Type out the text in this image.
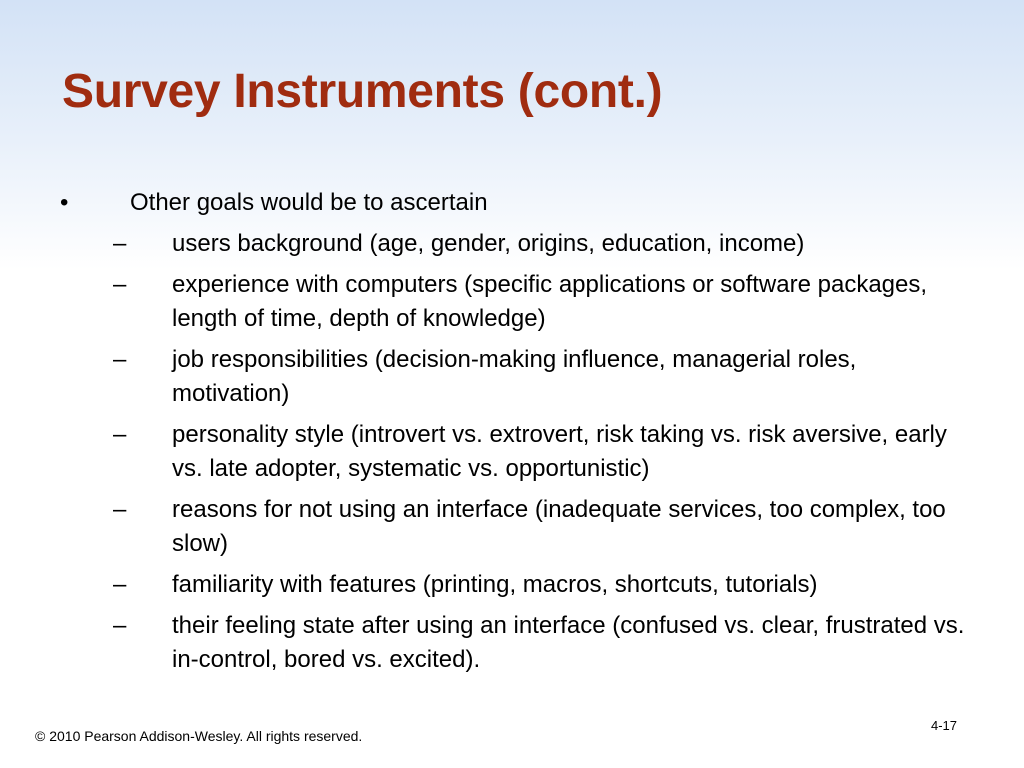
Survey Instruments (cont.)
•	Other goals would be to ascertain
– users background (age, gender, origins, education, income)
– experience with computers (specific applications or software packages, length of time, depth of knowledge)
– job responsibilities (decision-making influence, managerial roles, motivation)
– personality style (introvert vs. extrovert, risk taking vs. risk aversive, early vs. late adopter, systematic vs. opportunistic)
– reasons for not using an interface (inadequate services, too complex, too slow)
– familiarity with features (printing, macros, shortcuts, tutorials)
– their feeling state after using an interface (confused vs. clear, frustrated vs. in-control, bored vs. excited).
© 2010 Pearson Addison-Wesley. All rights reserved.
4-17
